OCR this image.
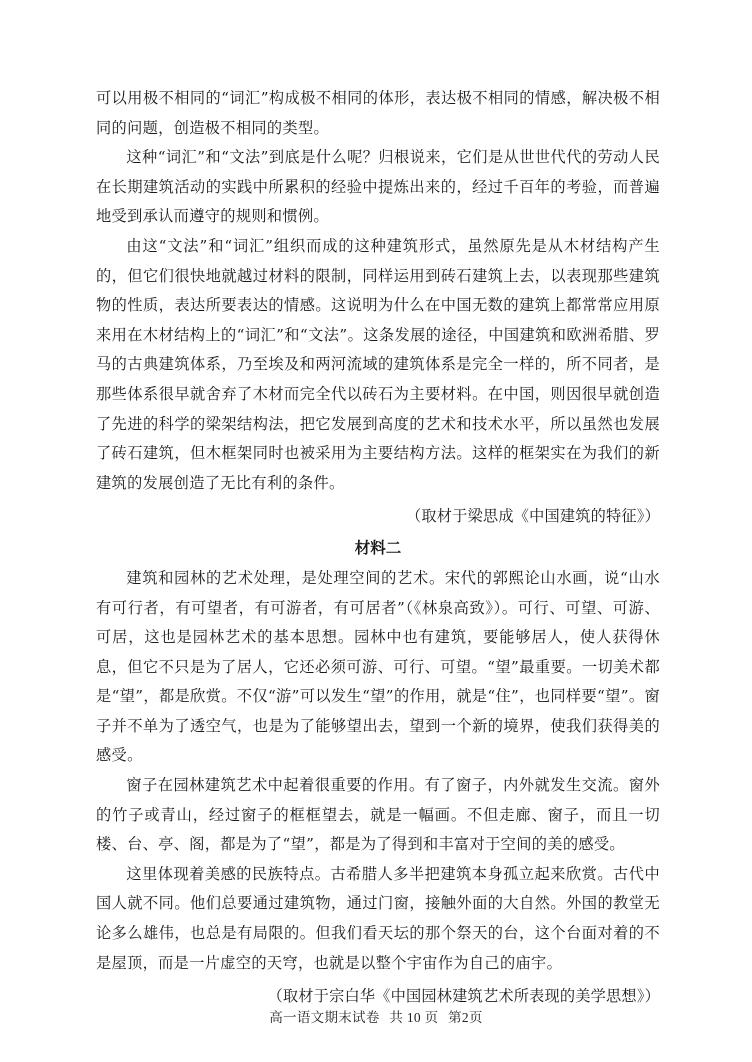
可以用极不相同的“词汇”构成极不相同的体形，表达极不相同的情感，解决极不相同的问题，创造极不相同的类型。

这种“词汇”和“文法”到底是什么呢？归根说来，它们是从世世代代的劳动人民在长期建筑活动的实践中所累积的经验中提炼出来的，经过千百年的考验，而普遍地受到承认而遵守的规则和惯例。

由这“文法”和“词汇”组织而成的这种建筑形式，虽然原先是从木材结构产生的，但它们很快地就越过材料的限制，同样运用到砖石建筑上去，以表现那些建筑物的性质，表达所要表达的情感。这说明为什么在中国无数的建筑上都常常应用原来用在木材结构上的“词汇”和“文法”。这条发展的途径，中国建筑和欧洲希腊、罗马的古典建筑体系，乃至埃及和两河流域的建筑体系是完全一样的，所不同者，是那些体系很早就舍弃了木材而完全代以砖石为主要材料。在中国，则因很早就创造了先进的科学的梁架结构法，把它发展到高度的艺术和技术水平，所以虽然也发展了砖石建筑，但木框架同时也被采用为主要结构方法。这样的框架实在为我们的新建筑的发展创造了无比有利的条件。

（取材于梁思成《中国建筑的特征》）

材料二

建筑和园林的艺术处理，是处理空间的艺术。宋代的郭熙论山水画，说“山水有可行者，有可望者，有可游者，有可居者”（《林泉高致》）。可行、可望、可游、可居，这也是园林艺术的基本思想。园林中也有建筑，要能够居人，使人获得休息，但它不只是为了居人，它还必须可游、可行、可望。“望”最重要。一切美术都是“望”，都是欣赏。不仅“游”可以发生“望”的作用，就是“住”，也同样要“望”。窗子并不单为了透空气，也是为了能够望出去，望到一个新的境界，使我们获得美的感受。

窗子在园林建筑艺术中起着很重要的作用。有了窗子，内外就发生交流。窗外的竹子或青山，经过窗子的框框望去，就是一幅画。不但走廊、窗子，而且一切楼、台、亭、阁，都是为了“望”，都是为了得到和丰富对于空间的美的感受。

这里体现着美感的民族特点。古希腊人多半把建筑本身孤立起来欣赏。古代中国人就不同。他们总要通过建筑物，通过门窗，接触外面的大自然。外国的教堂无论多么雄伟，也总是有局限的。但我们看天坛的那个祭天的台，这个台面对着的不是屋顶，而是一片虚空的天穹，也就是以整个宇宙作为自己的庙宇。

（取材于宗白华《中国园林建筑艺术所表现的美学思想》）

高一语文期末试卷 共 10 页 第2页
